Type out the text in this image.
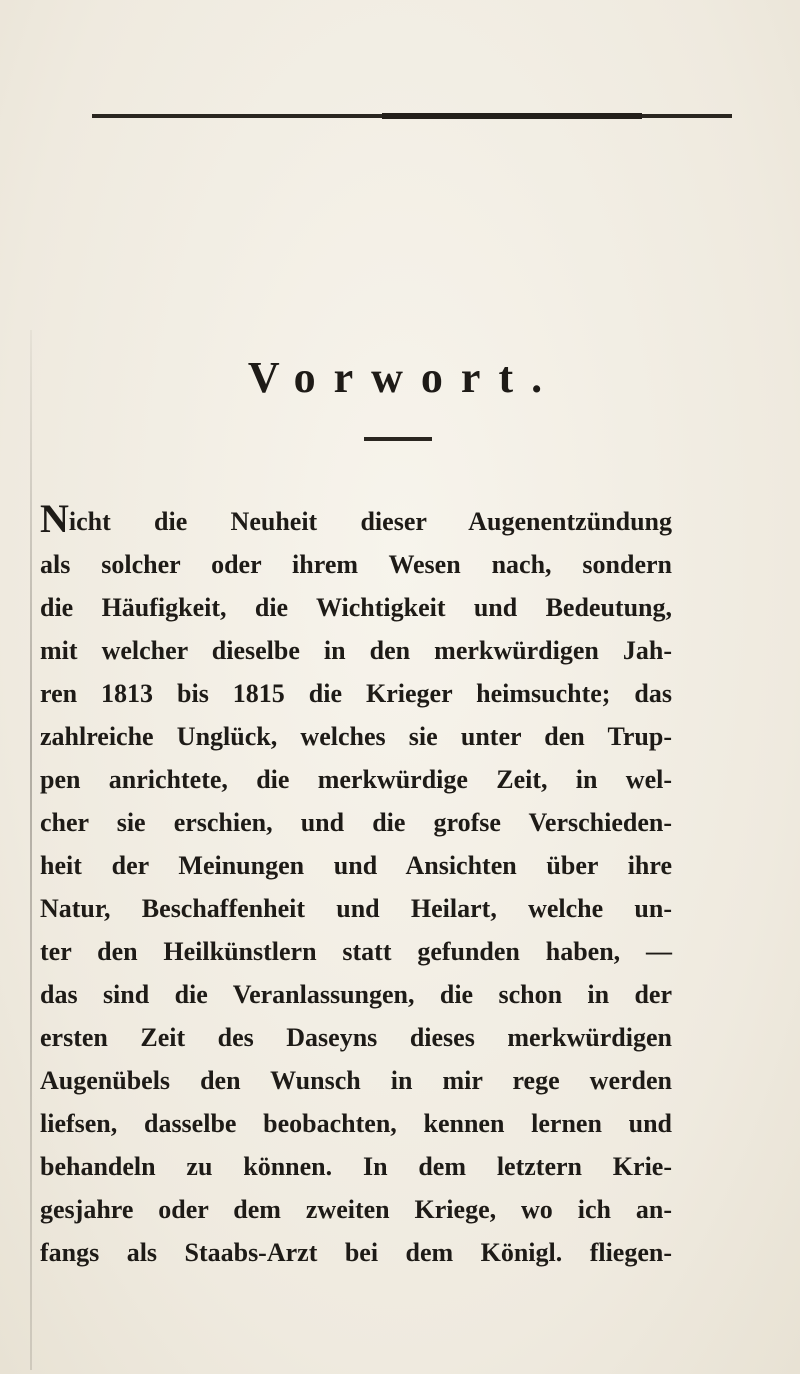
Vorwort.
Nicht die Neuheit dieser Augenentzündung
als solcher oder ihrem Wesen nach, sondern
die Häufigkeit, die Wichtigkeit und Bedeutung,
mit welcher dieselbe in den merkwürdigen Jah-
ren 1813 bis 1815 die Krieger heimsuchte; das
zahlreiche Unglück, welches sie unter den Trup-
pen anrichtete, die merkwürdige Zeit, in wel-
cher sie erschien, und die grofse Verschieden-
heit der Meinungen und Ansichten über ihre
Natur, Beschaffenheit und Heilart, welche un-
ter den Heilkünstlern statt gefunden haben, —
das sind die Veranlassungen, die schon in der
ersten Zeit des Daseyns dieses merkwürdigen
Augenübels den Wunsch in mir rege werden
liefsen, dasselbe beobachten, kennen lernen und
behandeln zu können. In dem letztern Krie-
gesjahre oder dem zweiten Kriege, wo ich an-
fangs als Staabs-Arzt bei dem Königl. fliegen-
